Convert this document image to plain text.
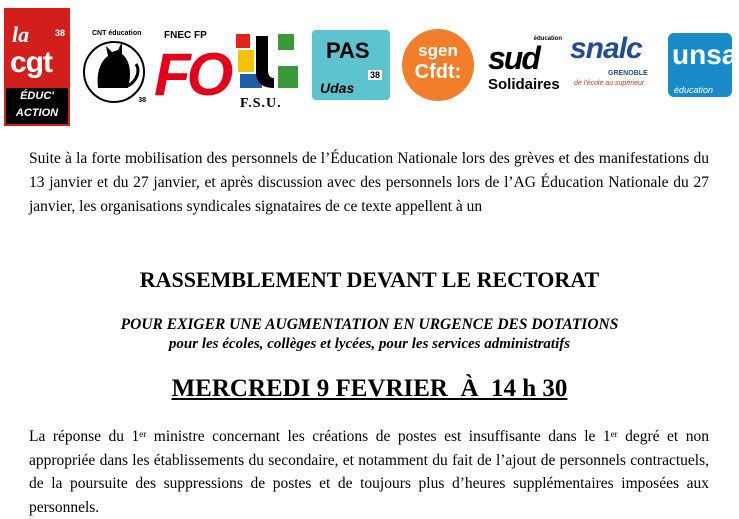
la	38
cgt
ÉDUC'
ACTION
CNT éducation
38
FNEC FP
FO F.S.U.
PAS
38
Udas
sgen
Cfdt:
éducation
sud
Solidaires
snalc
GRENOBLE
de l'école au supérieur
unsa
éducation

Suite à la forte mobilisation des personnels de l’Éducation Nationale lors des grèves et des manifestations du 13 janvier et du 27 janvier, et après discussion avec des personnels lors de l’AG Éducation Nationale du 27 janvier, les organisations syndicales signataires de ce texte appellent à un

RASSEMBLEMENT DEVANT LE RECTORAT
POUR EXIGER UNE AUGMENTATION EN URGENCE DES DOTATIONS
pour les écoles, collèges et lycées, pour les services administratifs
MERCREDI 9 FEVRIER  À  14 h 30

La réponse du 1er ministre concernant les créations de postes est insuffisante dans le 1er degré et non appropriée dans les établissements du secondaire, et notamment du fait de l’ajout de personnels contractuels, de la poursuite des suppressions de postes et de toujours plus d’heures supplémentaires imposées aux personnels.
